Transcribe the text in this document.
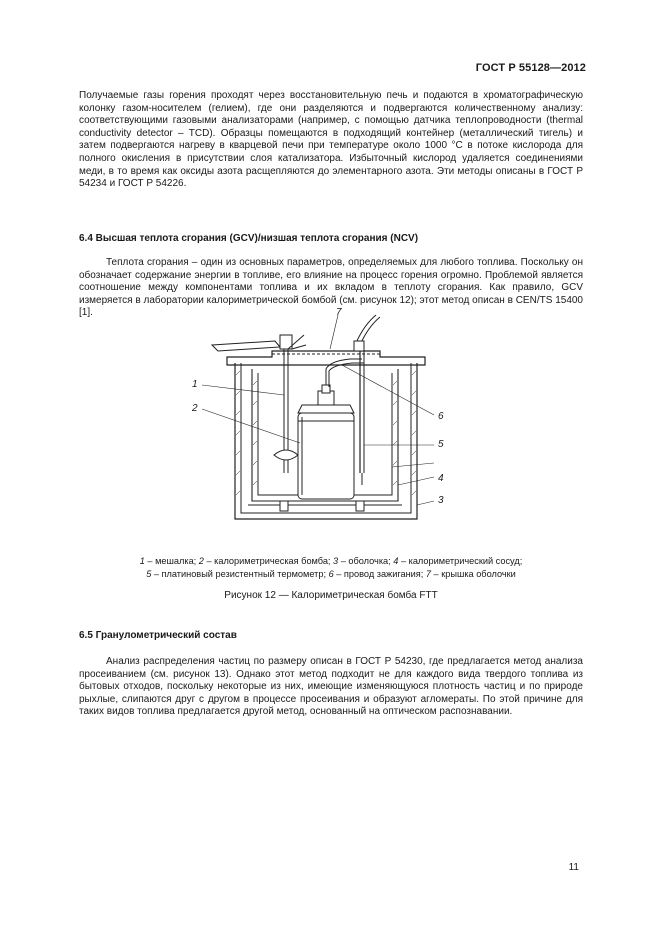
ГОСТ Р 55128—2012
Получаемые газы горения проходят через восстановительную печь и подаются в хроматографическую колонку газом-носителем (гелием), где они разделяются и подвергаются количественному анализу: соответствующими газовыми анализаторами (например, с помощью датчика теплопроводности (thermal conductivity detector – TCD). Образцы помещаются в подходящий контейнер (металлический тигель) и затем подвергаются нагреву в кварцевой печи при температуре около 1000 °С в потоке кислорода для полного окисления в присутствии слоя катализатора. Избыточный кислород удаляется соединениями меди, в то время как оксиды азота расщепляются до элементарного азота. Эти методы описаны в ГОСТ Р 54234 и ГОСТ Р 54226.
6.4 Высшая теплота сгорания (GCV)/низшая теплота сгорания (NCV)
Теплота сгорания – один из основных параметров, определяемых для любого топлива. Поскольку он обозначает содержание энергии в топливе, его влияние на процесс горения огромно. Проблемой является соотношение между компонентами топлива и их вкладом в теплоту сгорания. Как правило, GCV измеряется в лаборатории калориметрической бомбой (см. рисунок 12); этот метод описан в CEN/TS 15400 [1].
1
2
3
4
5
6
7
1 – мешалка; 2 – калориметрическая бомба; 3 – оболочка; 4 – калориметрический сосуд;
5 – платиновый резистентный термометр; 6 – провод зажигания; 7 – крышка оболочки
Рисунок 12 — Калориметрическая бомба FTT
6.5 Гранулометрический состав
Анализ распределения частиц по размеру описан в ГОСТ Р 54230, где предлагается метод анализа просеиванием (см. рисунок 13). Однако этот метод подходит не для каждого вида твердого топлива из бытовых отходов, поскольку некоторые из них, имеющие изменяющуюся плотность частиц и по природе рыхлые, слипаются друг с другом в процессе просеивания и образуют агломераты. По этой причине для таких видов топлива предлагается другой метод, основанный на оптическом распознавании.
11
